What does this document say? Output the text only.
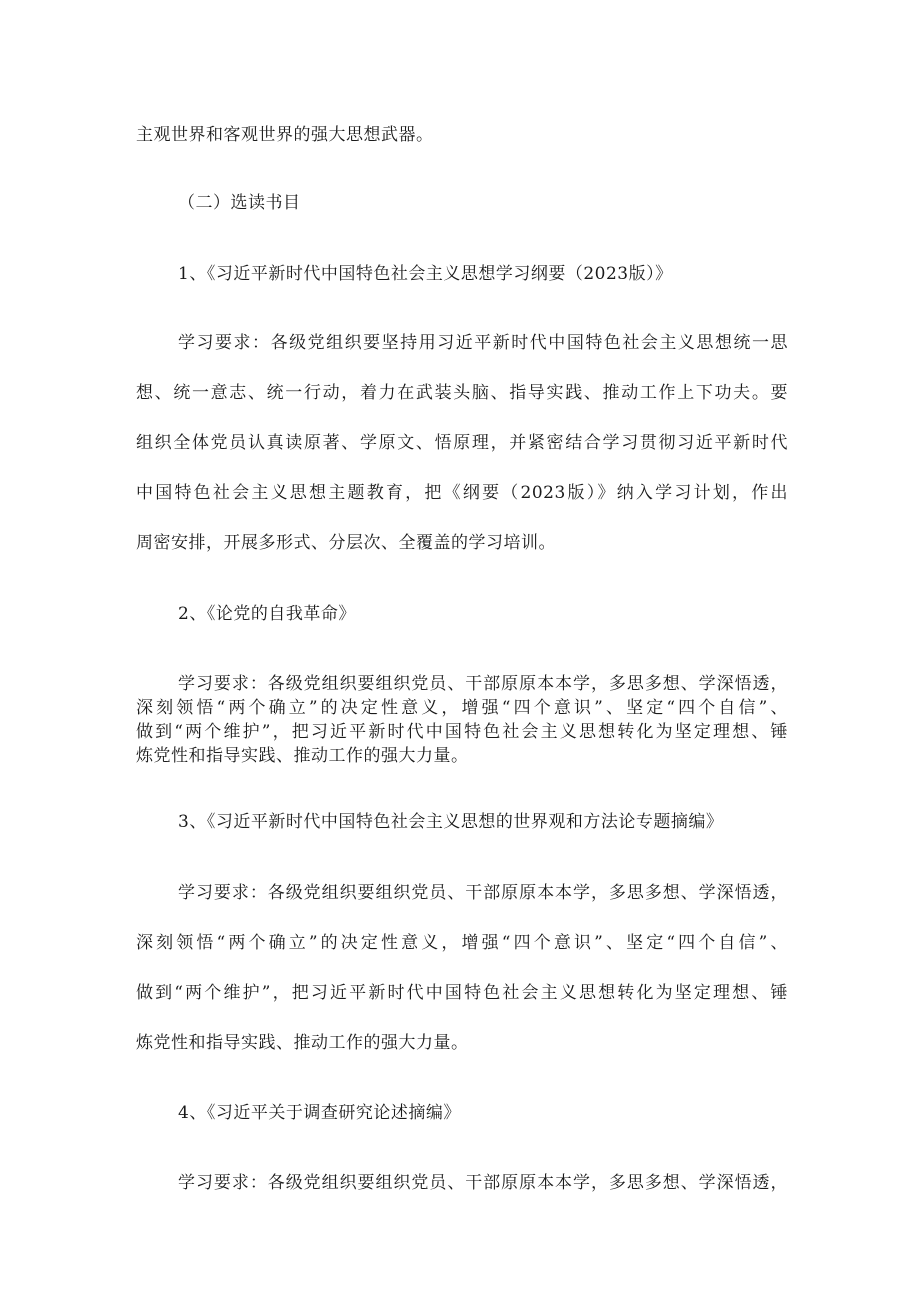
主观世界和客观世界的强大思想武器。
（二）选读书目
1、《习近平新时代中国特色社会主义思想学习纲要（2023版）》
学习要求：各级党组织要坚持用习近平新时代中国特色社会主义思想统一思
想、统一意志、统一行动，着力在武装头脑、指导实践、推动工作上下功夫。要
组织全体党员认真读原著、学原文、悟原理，并紧密结合学习贯彻习近平新时代
中国特色社会主义思想主题教育，把《纲要（2023版）》纳入学习计划，作出
周密安排，开展多形式、分层次、全覆盖的学习培训。
2、《论党的自我革命》
学习要求：各级党组织要组织党员、干部原原本本学，多思多想、学深悟透，
深刻领悟“两个确立”的决定性意义，增强“四个意识”、坚定“四个自信”、
做到“两个维护”，把习近平新时代中国特色社会主义思想转化为坚定理想、锤
炼党性和指导实践、推动工作的强大力量。
3、《习近平新时代中国特色社会主义思想的世界观和方法论专题摘编》
学习要求：各级党组织要组织党员、干部原原本本学，多思多想、学深悟透，
深刻领悟“两个确立”的决定性意义，增强“四个意识”、坚定“四个自信”、
做到“两个维护”，把习近平新时代中国特色社会主义思想转化为坚定理想、锤
炼党性和指导实践、推动工作的强大力量。
4、《习近平关于调查研究论述摘编》
学习要求：各级党组织要组织党员、干部原原本本学，多思多想、学深悟透，
